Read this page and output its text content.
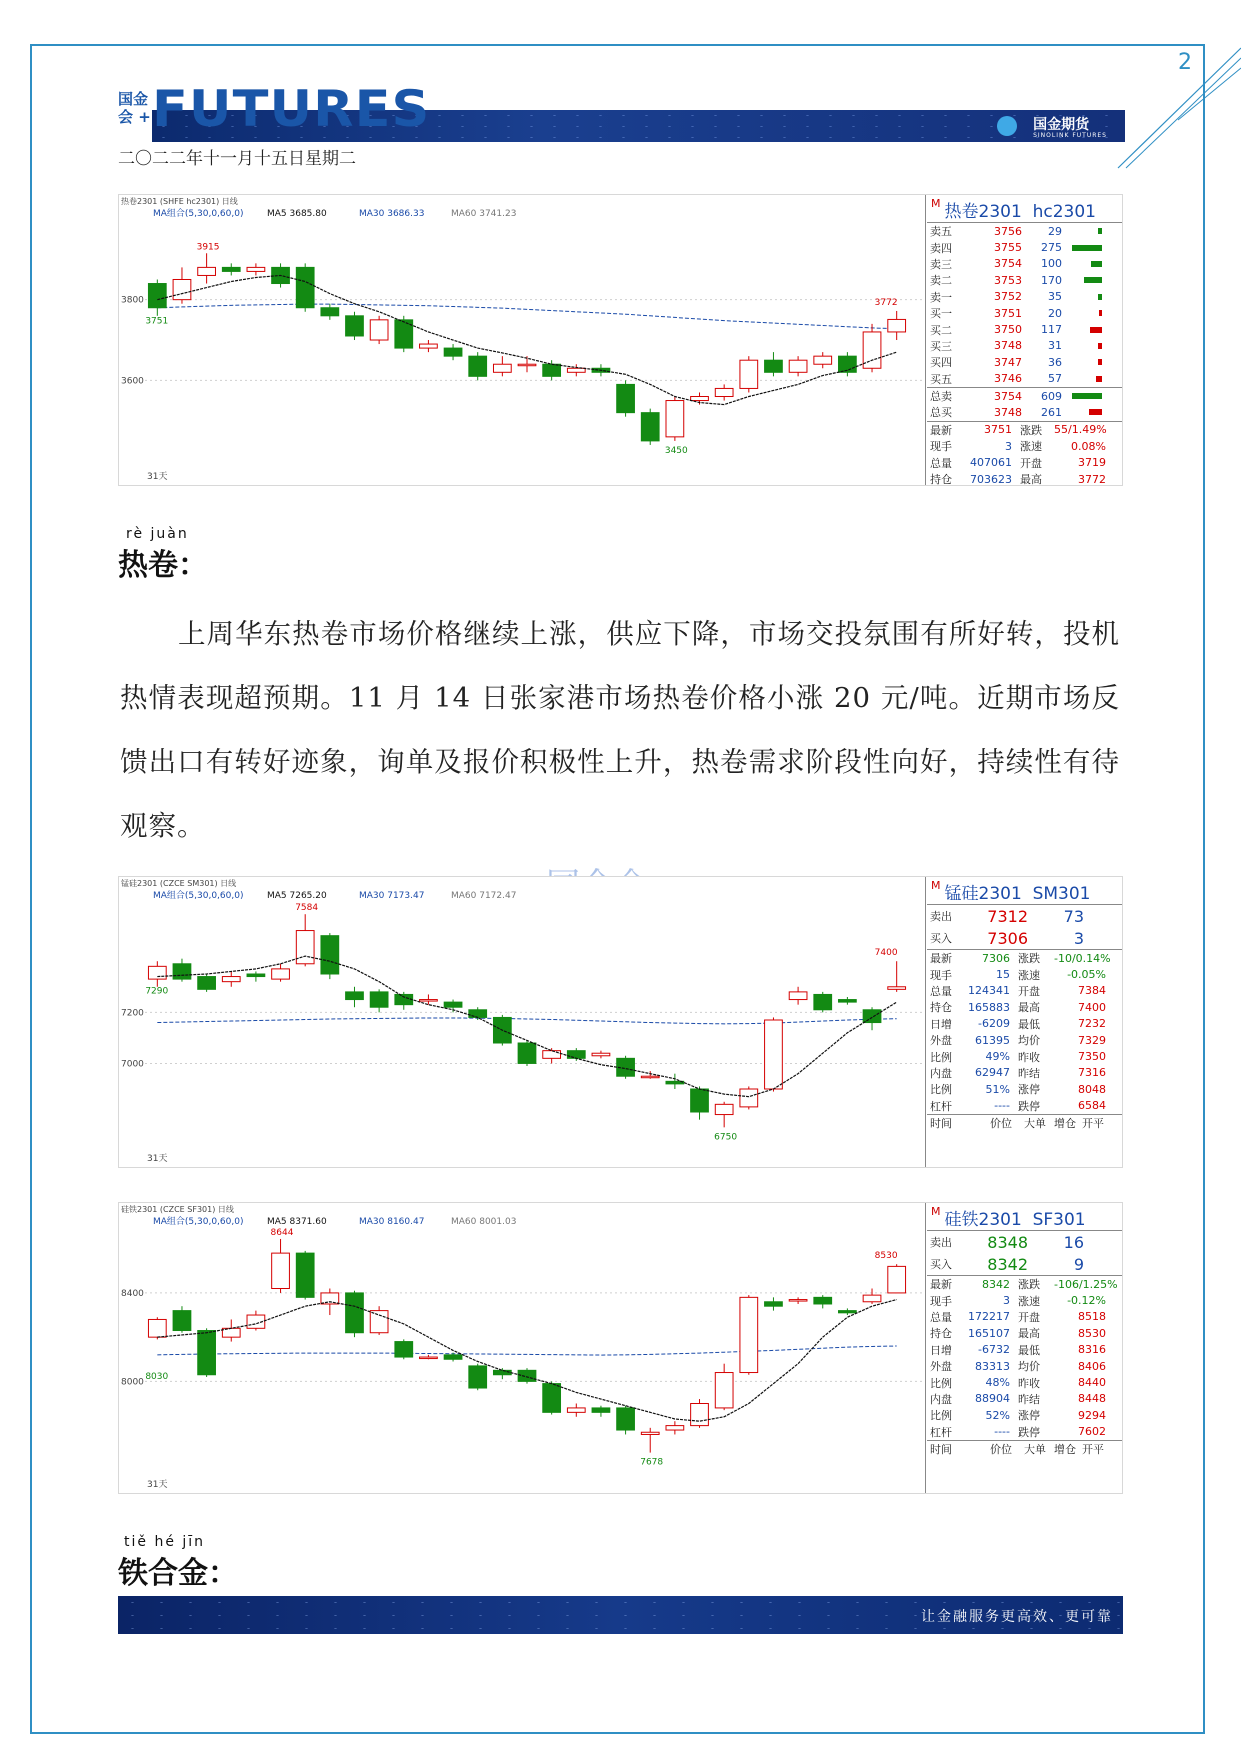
2
国金
会 +	国金期货
SINOLINK FUTURES
FUTURES
二〇二二年十一月十五日星期二
热卷2301 (SHFE hc2301) 日线
MA组合(5,30,0,60,0)	MA5 3685.80	MA30 3686.33	MA60 3741.23
3800
3600
3915
3450
3751
3772
31天
$^M$ 热卷2301 hc2301
卖五	3756	29
卖四	3755	275
卖三	3754	100
卖二	3753	170
卖一	3752	35
买一	3751	20
买二	3750	117
买三	3748	31
买四	3747	36
买五	3746	57
总卖	3754	609
总买	3748	261
最新	3751 涨跌	55/1.49%
现手	3 涨速	0.08%
总量	407061 开盘	3719
持仓	703623 最高	3772
rè juàn
热卷：
上周华东热卷市场价格继续上涨，供应下降，市场交投氛围有所好转，投机热情表现超预期。11 月 14 日张家港市场热卷价格小涨 20 元/吨。近期市场反馈出口有转好迹象，询单及报价积极性上升，热卷需求阶段性向好，持续性有待观察。
锰硅2301 (CZCE SM301) 日线
MA组合(5,30,0,60,0)	MA5 7265.20	MA30 7173.47	MA60 7172.47
7200
7000
7584
6750
7290
7400
31天
$^M$ 锰硅2301 SM301
卖出	7312	73
买入	7306	3
最新	7306 涨跌	-10/0.14%
现手	15 涨速	-0.05%
总量	124341 开盘	7384
持仓	165883 最高	7400
日增	-6209 最低	7232
外盘	61395 均价	7329
比例	49% 昨收	7350
内盘	62947 昨结	7316
比例	51% 涨停	8048
杠杆	---- 跌停	6584
时间	价位	大单 增仓 开平
硅铁2301 (CZCE SF301) 日线
MA组合(5,30,0,60,0)	MA5 8371.60	MA30 8160.47	MA60 8001.03
8400
8000
8644
7678
8030
8530
31天
$^M$ 硅铁2301 SF301
卖出	8348	16
买入	8342	9
最新	8342 涨跌	-106/1.25%
现手	3 涨速	-0.12%
总量	172217 开盘	8518
持仓	165107 最高	8530
日增	-6732 最低	8316
外盘	83313 均价	8406
比例	48% 昨收	8440
内盘	88904 昨结	8448
比例	52% 涨停	9294
杠杆	---- 跌停	7602
时间	价位	大单 增仓 开平
tiě hé jīn
铁合金：
让金融服务更高效、更可靠
